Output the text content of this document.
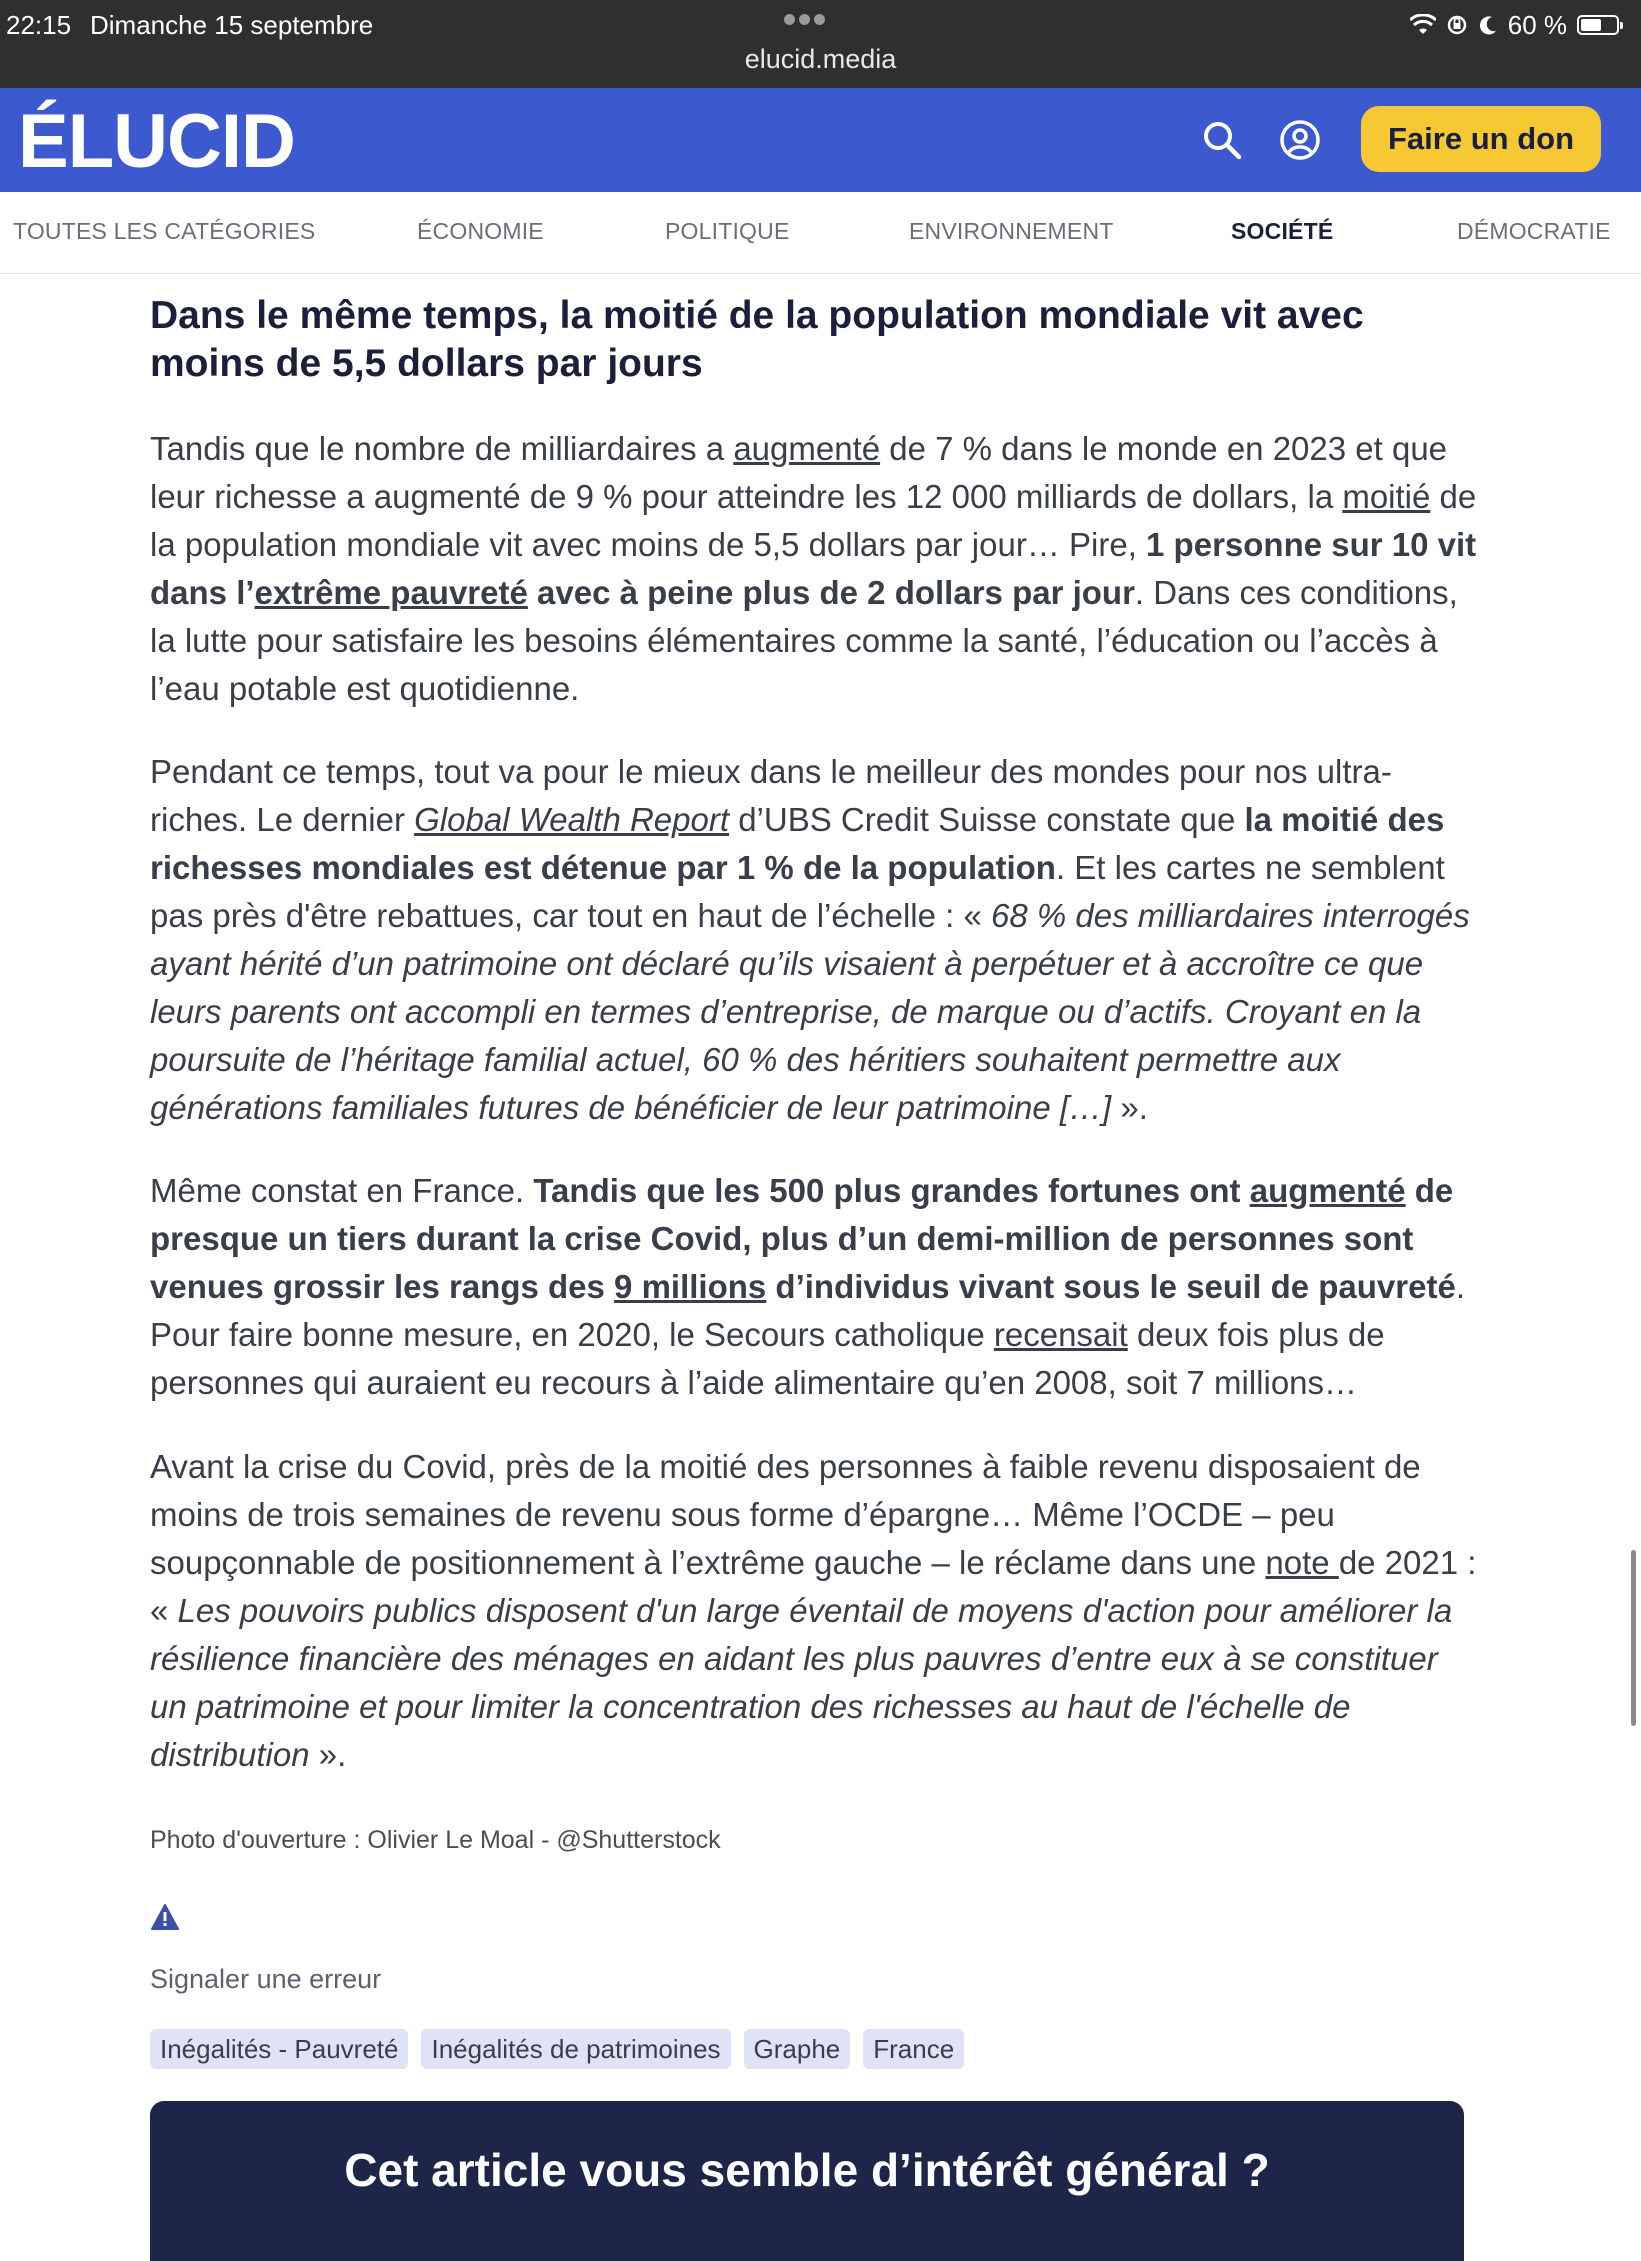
22:15 Dimanche 15 septembre
elucid.media
60 %
ÉLUCID	Faire un don
TOUTES LES CATÉGORIES	ÉCONOMIE	POLITIQUE	ENVIRONNEMENT	SOCIÉTÉ	DÉMOCRATIE
Dans le même temps, la moitié de la population mondiale vit avec moins de 5,5 dollars par jours

Tandis que le nombre de milliardaires a augmenté de 7 % dans le monde en 2023 et que leur richesse a augmenté de 9 % pour atteindre les 12 000 milliards de dollars, la moitié de la population mondiale vit avec moins de 5,5 dollars par jour… Pire, 1 personne sur 10 vit dans l’extrême pauvreté avec à peine plus de 2 dollars par jour. Dans ces conditions, la lutte pour satisfaire les besoins élémentaires comme la santé, l’éducation ou l’accès à l’eau potable est quotidienne.

Pendant ce temps, tout va pour le mieux dans le meilleur des mondes pour nos ultra-riches. Le dernier Global Wealth Report d’UBS Credit Suisse constate que la moitié des richesses mondiales est détenue par 1 % de la population. Et les cartes ne semblent pas près d'être rebattues, car tout en haut de l’échelle : « 68 % des milliardaires interrogés ayant hérité d’un patrimoine ont déclaré qu’ils visaient à perpétuer et à accroître ce que leurs parents ont accompli en termes d’entreprise, de marque ou d’actifs. Croyant en la poursuite de l’héritage familial actuel, 60 % des héritiers souhaitent permettre aux générations familiales futures de bénéficier de leur patrimoine […] ».

Même constat en France. Tandis que les 500 plus grandes fortunes ont augmenté de presque un tiers durant la crise Covid, plus d’un demi-million de personnes sont venues grossir les rangs des 9 millions d’individus vivant sous le seuil de pauvreté. Pour faire bonne mesure, en 2020, le Secours catholique recensait deux fois plus de personnes qui auraient eu recours à l’aide alimentaire qu’en 2008, soit 7 millions…

Avant la crise du Covid, près de la moitié des personnes à faible revenu disposaient de moins de trois semaines de revenu sous forme d’épargne… Même l’OCDE – peu soupçonnable de positionnement à l’extrême gauche – le réclame dans une note de 2021 : « Les pouvoirs publics disposent d'un large éventail de moyens d'action pour améliorer la résilience financière des ménages en aidant les plus pauvres d’entre eux à se constituer un patrimoine et pour limiter la concentration des richesses au haut de l'échelle de distribution ».

Photo d'ouverture : Olivier Le Moal - @Shutterstock
Signaler une erreur
Inégalités - Pauvreté	Inégalités de patrimoines	Graphe	France
Cet article vous semble d’intérêt général ?
